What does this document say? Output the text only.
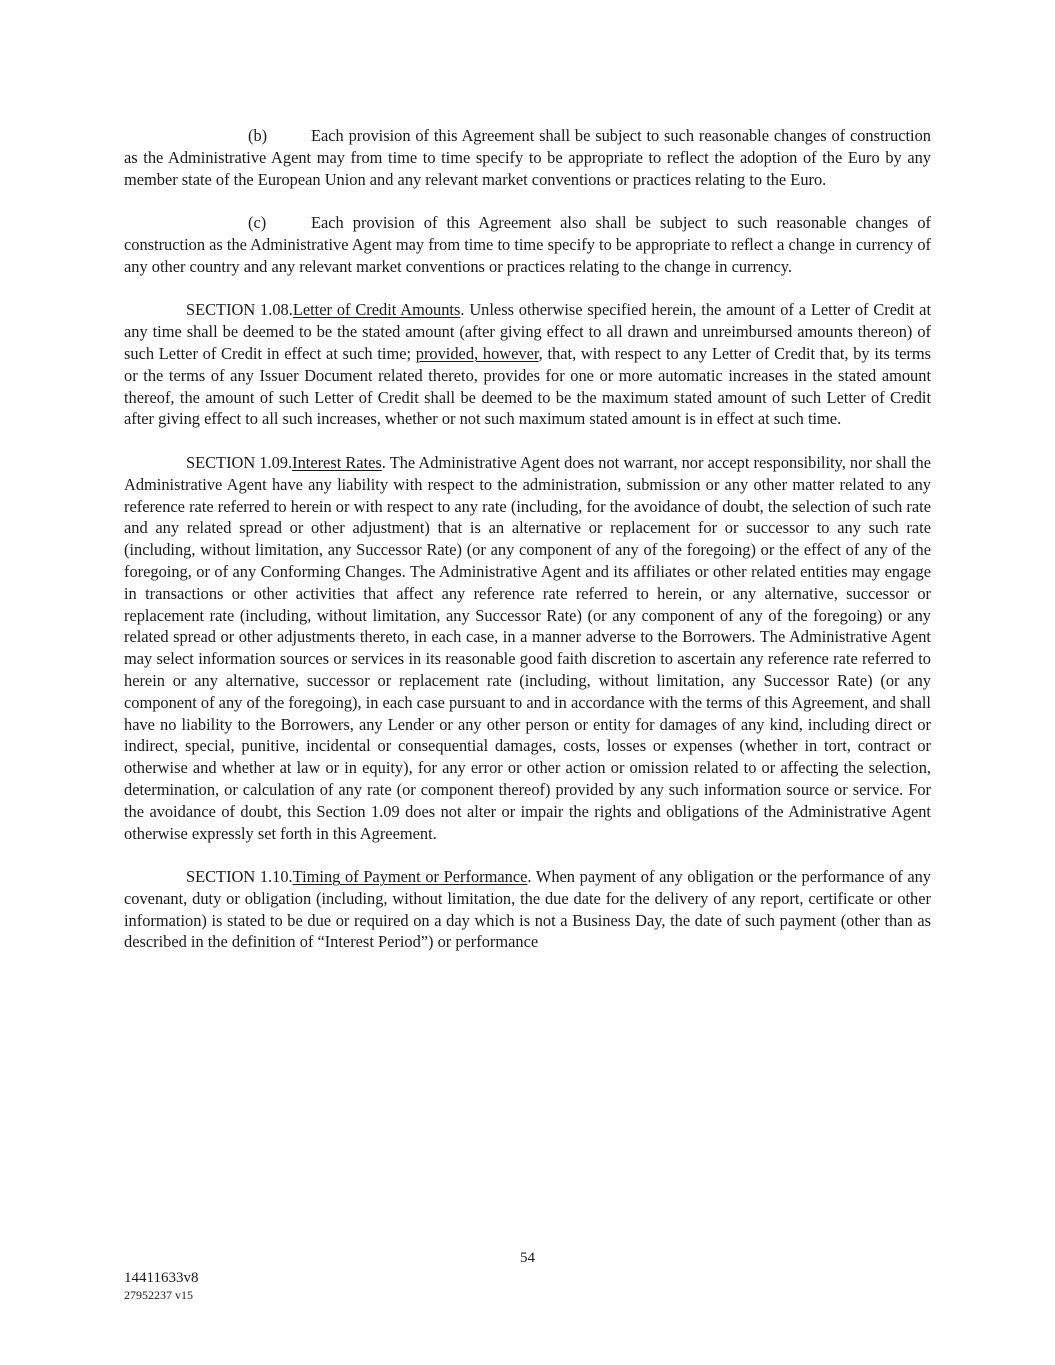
(b)	Each provision of this Agreement shall be subject to such reasonable changes of construction as the Administrative Agent may from time to time specify to be appropriate to reflect the adoption of the Euro by any member state of the European Union and any relevant market conventions or practices relating to the Euro.

(c)	Each provision of this Agreement also shall be subject to such reasonable changes of construction as the Administrative Agent may from time to time specify to be appropriate to reflect a change in currency of any other country and any relevant market conventions or practices relating to the change in currency.

SECTION 1.08.Letter of Credit Amounts. Unless otherwise specified herein, the amount of a Letter of Credit at any time shall be deemed to be the stated amount (after giving effect to all drawn and unreimbursed amounts thereon) of such Letter of Credit in effect at such time; provided, however, that, with respect to any Letter of Credit that, by its terms or the terms of any Issuer Document related thereto, provides for one or more automatic increases in the stated amount thereof, the amount of such Letter of Credit shall be deemed to be the maximum stated amount of such Letter of Credit after giving effect to all such increases, whether or not such maximum stated amount is in effect at such time.

SECTION 1.09.Interest Rates. The Administrative Agent does not warrant, nor accept responsibility, nor shall the Administrative Agent have any liability with respect to the administration, submission or any other matter related to any reference rate referred to herein or with respect to any rate (including, for the avoidance of doubt, the selection of such rate and any related spread or other adjustment) that is an alternative or replacement for or successor to any such rate (including, without limitation, any Successor Rate) (or any component of any of the foregoing) or the effect of any of the foregoing, or of any Conforming Changes. The Administrative Agent and its affiliates or other related entities may engage in transactions or other activities that affect any reference rate referred to herein, or any alternative, successor or replacement rate (including, without limitation, any Successor Rate) (or any component of any of the foregoing) or any related spread or other adjustments thereto, in each case, in a manner adverse to the Borrowers. The Administrative Agent may select information sources or services in its reasonable good faith discretion to ascertain any reference rate referred to herein or any alternative, successor or replacement rate (including, without limitation, any Successor Rate) (or any component of any of the foregoing), in each case pursuant to and in accordance with the terms of this Agreement, and shall have no liability to the Borrowers, any Lender or any other person or entity for damages of any kind, including direct or indirect, special, punitive, incidental or consequential damages, costs, losses or expenses (whether in tort, contract or otherwise and whether at law or in equity), for any error or other action or omission related to or affecting the selection, determination, or calculation of any rate (or component thereof) provided by any such information source or service. For the avoidance of doubt, this Section 1.09 does not alter or impair the rights and obligations of the Administrative Agent otherwise expressly set forth in this Agreement.

SECTION 1.10.Timing of Payment or Performance. When payment of any obligation or the performance of any covenant, duty or obligation (including, without limitation, the due date for the delivery of any report, certificate or other information) is stated to be due or required on a day which is not a Business Day, the date of such payment (other than as described in the definition of “Interest Period”) or performance

54
14411633v8
27952237 v15
